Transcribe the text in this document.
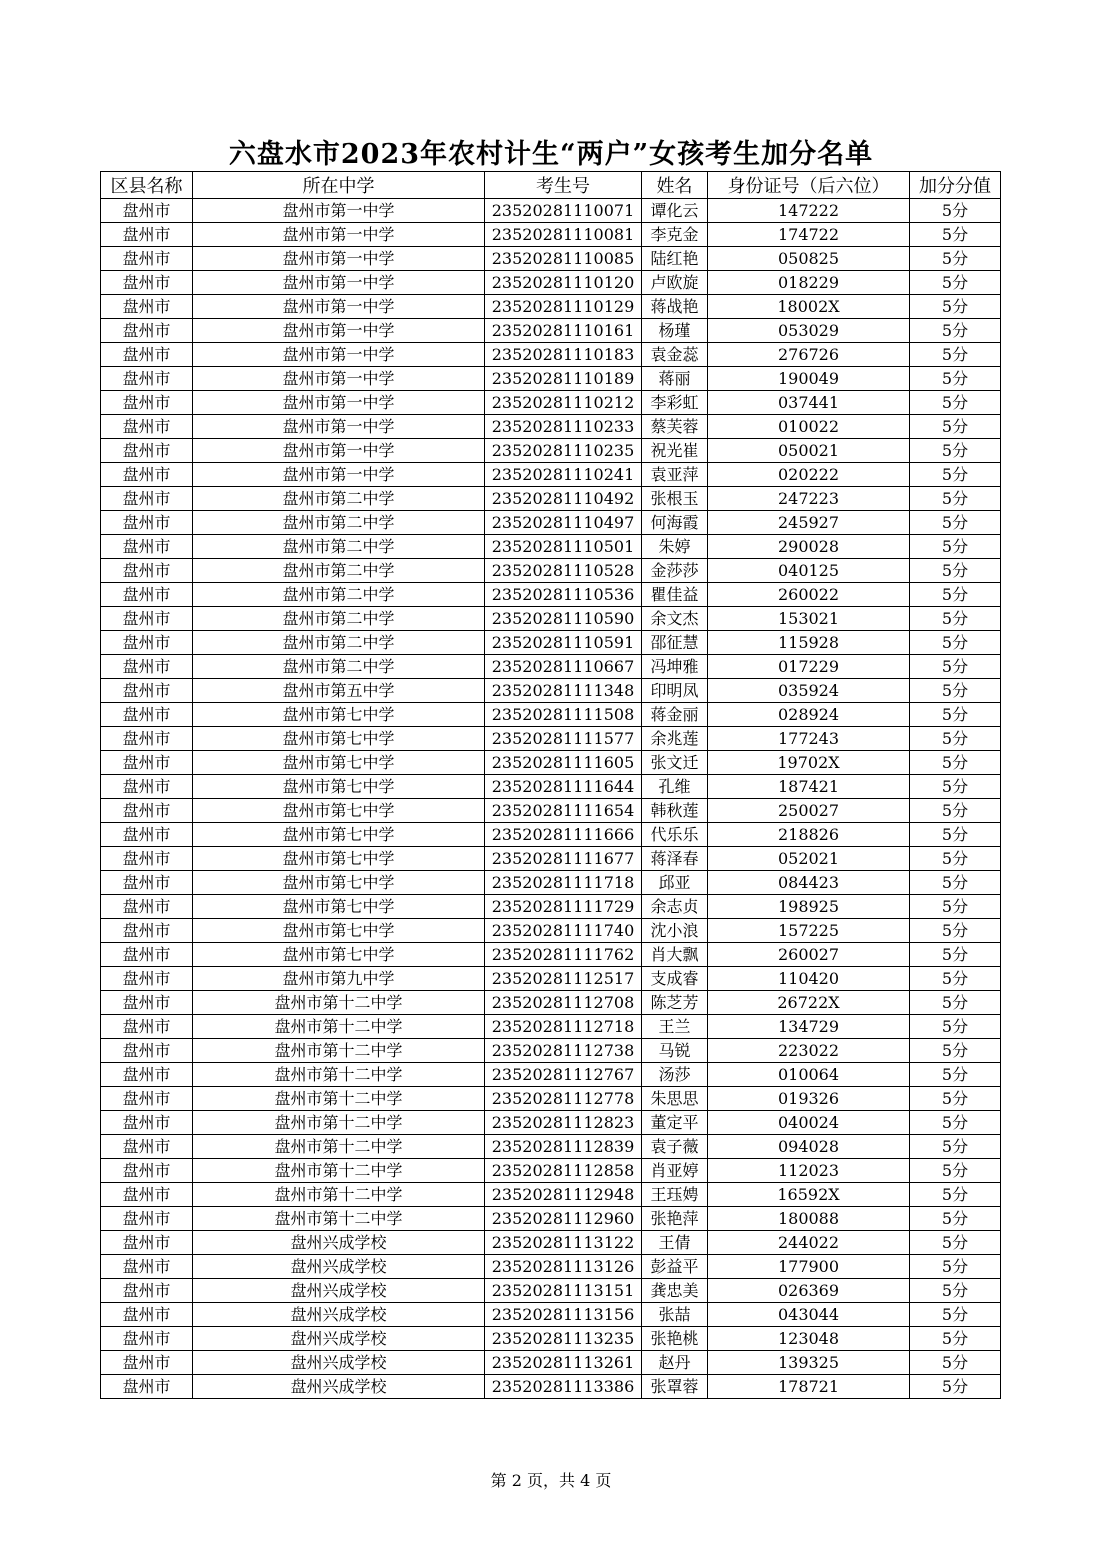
六盘水市2023年农村计生“两户”女孩考生加分名单
区县名称	所在中学	考生号	姓名	身份证号（后六位）	加分分值
盘州市	盘州市第一中学	23520281110071	谭化云	147222	5分
盘州市	盘州市第一中学	23520281110081	李克金	174722	5分
盘州市	盘州市第一中学	23520281110085	陆红艳	050825	5分
盘州市	盘州市第一中学	23520281110120	卢欧旋	018229	5分
盘州市	盘州市第一中学	23520281110129	蒋战艳	18002X	5分
盘州市	盘州市第一中学	23520281110161	杨瑾	053029	5分
盘州市	盘州市第一中学	23520281110183	袁金蕊	276726	5分
盘州市	盘州市第一中学	23520281110189	蒋丽	190049	5分
盘州市	盘州市第一中学	23520281110212	李彩虹	037441	5分
盘州市	盘州市第一中学	23520281110233	蔡芙蓉	010022	5分
盘州市	盘州市第一中学	23520281110235	祝光崔	050021	5分
盘州市	盘州市第一中学	23520281110241	袁亚萍	020222	5分
盘州市	盘州市第二中学	23520281110492	张根玉	247223	5分
盘州市	盘州市第二中学	23520281110497	何海霞	245927	5分
盘州市	盘州市第二中学	23520281110501	朱婷	290028	5分
盘州市	盘州市第二中学	23520281110528	金莎莎	040125	5分
盘州市	盘州市第二中学	23520281110536	瞿佳益	260022	5分
盘州市	盘州市第二中学	23520281110590	余文杰	153021	5分
盘州市	盘州市第二中学	23520281110591	邵征慧	115928	5分
盘州市	盘州市第二中学	23520281110667	冯坤雅	017229	5分
盘州市	盘州市第五中学	23520281111348	印明凤	035924	5分
盘州市	盘州市第七中学	23520281111508	蒋金丽	028924	5分
盘州市	盘州市第七中学	23520281111577	余兆莲	177243	5分
盘州市	盘州市第七中学	23520281111605	张文迁	19702X	5分
盘州市	盘州市第七中学	23520281111644	孔维	187421	5分
盘州市	盘州市第七中学	23520281111654	韩秋莲	250027	5分
盘州市	盘州市第七中学	23520281111666	代乐乐	218826	5分
盘州市	盘州市第七中学	23520281111677	蒋泽春	052021	5分
盘州市	盘州市第七中学	23520281111718	邱亚	084423	5分
盘州市	盘州市第七中学	23520281111729	余志贞	198925	5分
盘州市	盘州市第七中学	23520281111740	沈小浪	157225	5分
盘州市	盘州市第七中学	23520281111762	肖大飘	260027	5分
盘州市	盘州市第九中学	23520281112517	支成睿	110420	5分
盘州市	盘州市第十二中学	23520281112708	陈芝芳	26722X	5分
盘州市	盘州市第十二中学	23520281112718	王兰	134729	5分
盘州市	盘州市第十二中学	23520281112738	马锐	223022	5分
盘州市	盘州市第十二中学	23520281112767	汤莎	010064	5分
盘州市	盘州市第十二中学	23520281112778	朱思思	019326	5分
盘州市	盘州市第十二中学	23520281112823	董定平	040024	5分
盘州市	盘州市第十二中学	23520281112839	袁子薇	094028	5分
盘州市	盘州市第十二中学	23520281112858	肖亚婷	112023	5分
盘州市	盘州市第十二中学	23520281112948	王珏娉	16592X	5分
盘州市	盘州市第十二中学	23520281112960	张艳萍	180088	5分
盘州市	盘州兴成学校	23520281113122	王倩	244022	5分
盘州市	盘州兴成学校	23520281113126	彭益平	177900	5分
盘州市	盘州兴成学校	23520281113151	龚忠美	026369	5分
盘州市	盘州兴成学校	23520281113156	张喆	043044	5分
盘州市	盘州兴成学校	23520281113235	张艳桃	123048	5分
盘州市	盘州兴成学校	23520281113261	赵丹	139325	5分
盘州市	盘州兴成学校	23520281113386	张罩蓉	178721	5分
第 2 页，共 4 页
